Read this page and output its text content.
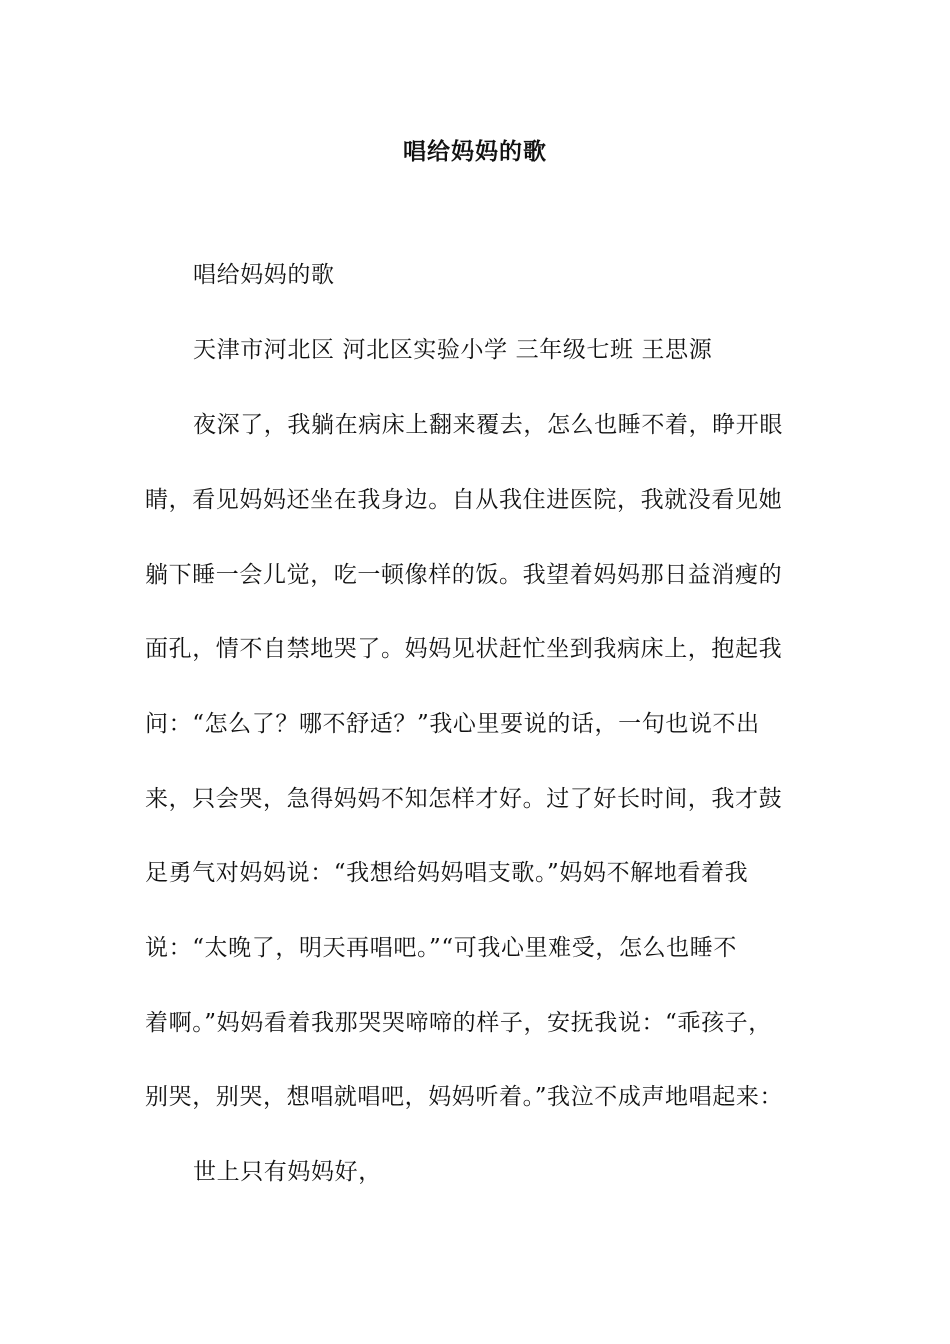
唱给妈妈的歌
唱给妈妈的歌
天津市河北区 河北区实验小学 三年级七班 王思源
夜深了，我躺在病床上翻来覆去，怎么也睡不着，睁开眼
睛，看见妈妈还坐在我身边。自从我住进医院，我就没看见她
躺下睡一会儿觉，吃一顿像样的饭。我望着妈妈那日益消瘦的
面孔，情不自禁地哭了。妈妈见状赶忙坐到我病床上，抱起我
问：“怎么了？哪不舒适？”我心里要说的话，一句也说不出
来，只会哭，急得妈妈不知怎样才好。过了好长时间，我才鼓
足勇气对妈妈说：“我想给妈妈唱支歌。”妈妈不解地看着我
说：“太晚了，明天再唱吧。”“可我心里难受，怎么也睡不
着啊。”妈妈看着我那哭哭啼啼的样子，安抚我说：“乖孩子，
别哭，别哭，想唱就唱吧，妈妈听着。”我泣不成声地唱起来：
世上只有妈妈好，
